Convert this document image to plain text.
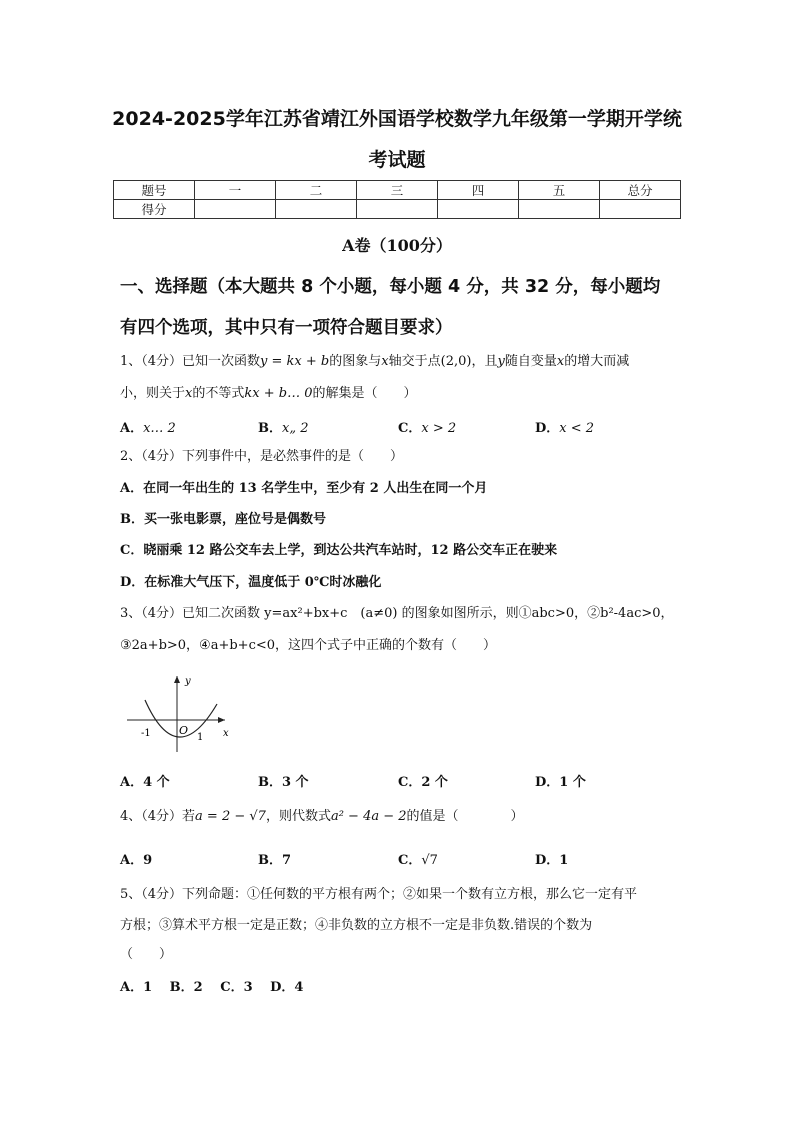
2024-2025学年江苏省靖江外国语学校数学九年级第一学期开学统
考试题
题号	一	二	三	四	五	总分
得分						
A卷（100分）
一、选择题（本大题共 8 个小题，每小题 4 分，共 32 分，每小题均
有四个选项，其中只有一项符合题目要求）
1、（4分）已知一次函数y = kx + b的图象与x轴交于点(2,0)，且y随自变量x的增大而减
小，则关于x的不等式kx + b… 0的解集是（　　）
A．x… 2	B．x„ 2	C．x > 2	D．x < 2
2、（4分）下列事件中，是必然事件的是（　　）
A．在同一年出生的 13 名学生中，至少有 2 人出生在同一个月
B．买一张电影票，座位号是偶数号
C．晓丽乘 12 路公交车去上学，到达公共汽车站时，12 路公交车正在驶来
D．在标准大气压下，温度低于 0℃时冰融化
3、（4分）已知二次函数 y=ax²+bx+c　(a≠0) 的图象如图所示，则①abc>0，②b²-4ac>0，
③2a+b>0，④a+b+c<0，这四个式子中正确的个数有（　　）
y
x
-1	O
1
A．4 个	B．3 个	C．2 个	D．1 个
4、（4分）若a = 2 − √7，则代数式a² − 4a − 2的值是（　　　　）
A．9	B．7	C．√7	D．1
5、（4分）下列命题：①任何数的平方根有两个；②如果一个数有立方根，那么它一定有平
方根；③算术平方根一定是正数；④非负数的立方根不一定是非负数.错误的个数为
（　　）
A．1　 B．2　 C．3　 D．4
